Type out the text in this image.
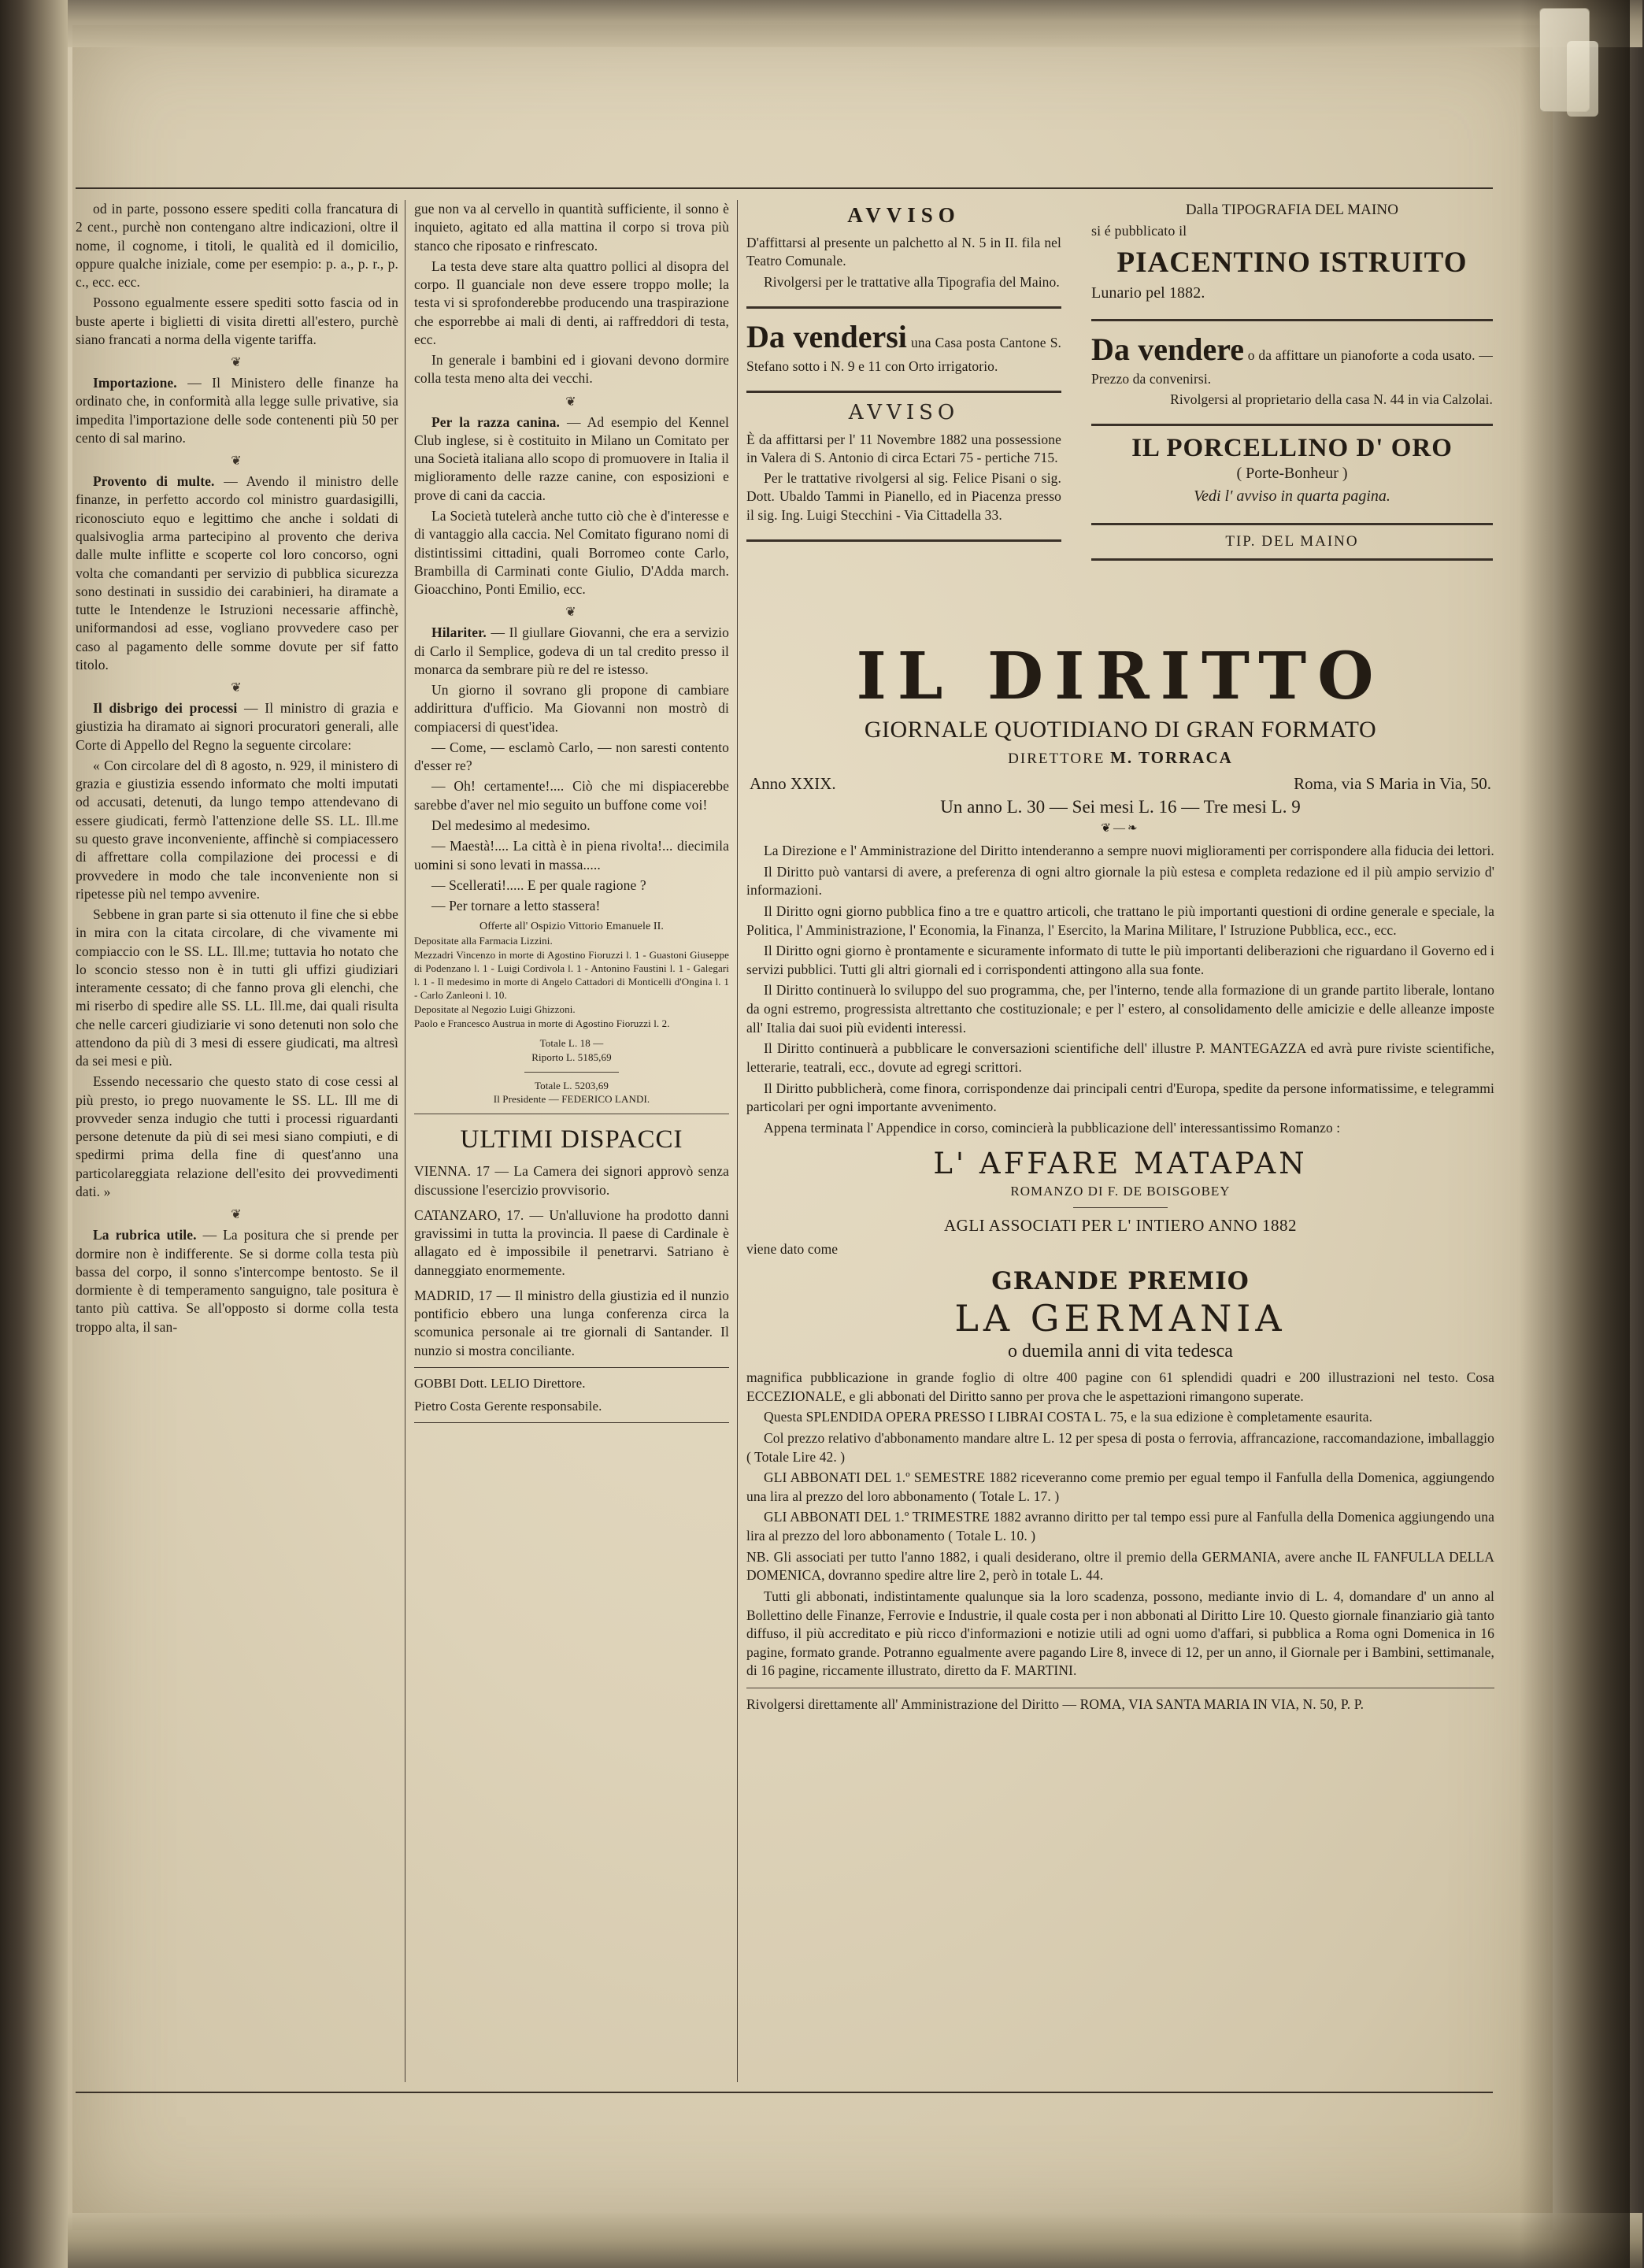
od in parte, possono essere spediti colla francatura di 2 cent., purchè non contengano altre indicazioni, oltre il nome, il cognome, i titoli, le qualità ed il domicilio, oppure qualche iniziale, come per esempio: p. a., p. r., p. c., ecc. ecc.

Possono egualmente essere spediti sotto fascia od in buste aperte i biglietti di visita diretti all'estero, purchè siano francati a norma della vigente tariffa.

❦

Importazione. — Il Ministero delle finanze ha ordinato che, in conformità alla legge sulle privative, sia impedita l'importazione delle sode contenenti più 50 per cento di sal marino.

❦

Provento di multe. — Avendo il ministro delle finanze, in perfetto accordo col ministro guardasigilli, riconosciuto equo e legittimo che anche i soldati di qualsivoglia arma partecipino al provento che deriva dalle multe inflitte e scoperte col loro concorso, ogni volta che comandanti per servizio di pubblica sicurezza sono destinati in sussidio dei carabinieri, ha diramate a tutte le Intendenze le Istruzioni necessarie affinchè, uniformandosi ad esse, vogliano provvedere caso per caso al pagamento delle somme dovute per sif fatto titolo.

❦

Il disbrigo dei processi — Il ministro di grazia e giustizia ha diramato ai signori procuratori generali, alle Corte di Appello del Regno la seguente circolare:

« Con circolare del dì 8 agosto, n. 929, il ministero di grazia e giustizia essendo informato che molti imputati od accusati, detenuti, da lungo tempo attendevano di essere giudicati, fermò l'attenzione delle SS. LL. Ill.me su questo grave inconveniente, affinchè si compiacessero di affrettare colla compilazione dei processi e di provvedere in modo che tale inconveniente non si ripetesse più nel tempo avvenire.

Sebbene in gran parte si sia ottenuto il fine che si ebbe in mira con la citata circolare, di che vivamente mi compiaccio con le SS. LL. Ill.me; tuttavia ho notato che lo sconcio stesso non è in tutti gli uffizi giudiziari interamente cessato; di che fanno prova gli elenchi, che mi riserbo di spedire alle SS. LL. Ill.me, dai quali risulta che nelle carceri giudiziarie vi sono detenuti non solo che attendono da più di 3 mesi di essere giudicati, ma altresì da sei mesi e più.

Essendo necessario che questo stato di cose cessi al più presto, io prego nuovamente le SS. LL. Ill me di provveder senza indugio che tutti i processi riguardanti persone detenute da più di sei mesi siano compiuti, e di spedirmi prima della fine di quest'anno una particolareggiata relazione dell'esito dei provvedimenti dati. »

❦

La rubrica utile. — La positura che si prende per dormire non è indifferente. Se si dorme colla testa più bassa del corpo, il sonno s'intercompe bentosto. Se il dormiente è di temperamento sanguigno, tale positura è tanto più cattiva. Se all'opposto si dorme colla testa troppo alta, il san-

gue non va al cervello in quantità sufficiente, il sonno è inquieto, agitato ed alla mattina il corpo si trova più stanco che riposato e rinfrescato.

La testa deve stare alta quattro pollici al disopra del corpo. Il guanciale non deve essere troppo molle; la testa vi si sprofonderebbe producendo una traspirazione che esporrebbe ai mali di denti, ai raffreddori di testa, ecc.

In generale i bambini ed i giovani devono dormire colla testa meno alta dei vecchi.

❦

Per la razza canina. — Ad esempio del Kennel Club inglese, si è costituito in Milano un Comitato per una Società italiana allo scopo di promuovere in Italia il miglioramento delle razze canine, con esposizioni e prove di cani da caccia.

La Società tutelerà anche tutto ciò che è d'interesse e di vantaggio alla caccia. Nel Comitato figurano nomi di distintissimi cittadini, quali Borromeo conte Carlo, Brambilla di Carminati conte Giulio, D'Adda march. Gioacchino, Ponti Emilio, ecc.

❦

Hilariter. — Il giullare Giovanni, che era a servizio di Carlo il Semplice, godeva di un tal credito presso il monarca da sembrare più re del re istesso.

Un giorno il sovrano gli propone di cambiare addirittura d'ufficio. Ma Giovanni non mostrò di compiacersi di quest'idea.

— Come, — esclamò Carlo, — non saresti contento d'esser re?

— Oh! certamente!.... Ciò che mi dispiacerebbe sarebbe d'aver nel mio seguito un buffone come voi!

Del medesimo al medesimo.

— Maestà!.... La città è in piena rivolta!... diecimila uomini si sono levati in massa.....

— Scellerati!..... E per quale ragione ?

— Per tornare a letto stassera!

Offerte all' Ospizio Vittorio Emanuele II.

Depositate alla Farmacia Lizzini.

Mezzadri Vincenzo in morte di Agostino Fioruzzi l. 1 - Guastoni Giuseppe di Podenzano l. 1 - Luigi Cordivola l. 1 - Antonino Faustini l. 1 - Galegari l. 1 - Il medesimo in morte di Angelo Cattadori di Monticelli d'Ongina l. 1 - Carlo Zanleoni l. 10.

Depositate al Negozio Luigi Ghizzoni.

Paolo e Francesco Austrua in morte di Agostino Fioruzzi l. 2.

Totale L. 18 —

Riporto L. 5185,69

Totale L. 5203,69

Il Presidente — FEDERICO LANDI.

ULTIMI DISPACCI

VIENNA. 17 — La Camera dei signori approvò senza discussione l'esercizio provvisorio.

CATANZARO, 17. — Un'alluvione ha prodotto danni gravissimi in tutta la provincia. Il paese di Cardinale è allagato ed è impossibile il penetrarvi. Satriano è danneggiato enormemente.

MADRID, 17 — Il ministro della giustizia ed il nunzio pontificio ebbero una lunga conferenza circa la scomunica personale ai tre giornali di Santander. Il nunzio si mostra conciliante.

GOBBI Dott. LELIO Direttore.

Pietro Costa Gerente responsabile.

AVVISO

D'affittarsi al presente un palchetto al N. 5 in II. fila nel Teatro Comunale.

Rivolgersi per le trattative alla Tipografia del Maino.

Da vendersi una Casa posta Cantone S. Stefano sotto i N. 9 e 11 con Orto irrigatorio.

AVVISO

È da affittarsi per l' 11 Novembre 1882 una possessione in Valera di S. Antonio di circa Ectari 75 - pertiche 715.

Per le trattative rivolgersi al sig. Felice Pisani o sig. Dott. Ubaldo Tammi in Pianello, ed in Piacenza presso il sig. Ing. Luigi Stecchini - Via Cittadella 33.

Dalla TIPOGRAFIA DEL MAINO

si é pubblicato il

PIACENTINO ISTRUITO

Lunario pel 1882.

Da vendere o da affittare un pianoforte a coda usato. — Prezzo da convenirsi.

Rivolgersi al proprietario della casa N. 44 in via Calzolai.

IL PORCELLINO D' ORO
( Porte-Bonheur )
Vedi l' avviso in quarta pagina.
TIP. DEL MAINO
IL DIRITTO
GIORNALE QUOTIDIANO DI GRAN FORMATO
DIRETTORE M. TORRACA
Anno XXIX.	Roma, via S Maria in Via, 50.
Un anno L. 30 — Sei mesi L. 16 — Tre mesi L. 9
❦—❧

La Direzione e l' Amministrazione del Diritto intenderanno a sempre nuovi miglioramenti per corrispondere alla fiducia dei lettori.

Il Diritto può vantarsi di avere, a preferenza di ogni altro giornale la più estesa e completa redazione ed il più ampio servizio d' informazioni.

Il Diritto ogni giorno pubblica fino a tre e quattro articoli, che trattano le più importanti questioni di ordine generale e speciale, la Politica, l' Amministrazione, l' Economia, la Finanza, l' Esercito, la Marina Militare, l' Istruzione Pubblica, ecc., ecc.

Il Diritto ogni giorno è prontamente e sicuramente informato di tutte le più importanti deliberazioni che riguardano il Governo ed i servizi pubblici. Tutti gli altri giornali ed i corrispondenti attingono alla sua fonte.

Il Diritto continuerà lo sviluppo del suo programma, che, per l'interno, tende alla formazione di un grande partito liberale, lontano da ogni estremo, progressista altrettanto che costituzionale; e per l' estero, al consolidamento delle amicizie e delle alleanze imposte all' Italia dai suoi più evidenti interessi.

Il Diritto continuerà a pubblicare le conversazioni scientifiche dell' illustre P. MANTEGAZZA ed avrà pure riviste scientifiche, letterarie, teatrali, ecc., dovute ad egregi scrittori.

Il Diritto pubblicherà, come finora, corrispondenze dai principali centri d'Europa, spedite da persone informatissime, e telegrammi particolari per ogni importante avvenimento.

Appena terminata l' Appendice in corso, comincierà la pubblicazione dell' interessantissimo Romanzo :

L' AFFARE MATAPAN
ROMANZO DI F. DE BOISGOBEY
AGLI ASSOCIATI PER L' INTIERO ANNO 1882

viene dato come

GRANDE PREMIO
LA GERMANIA
o duemila anni di vita tedesca

magnifica pubblicazione in grande foglio di oltre 400 pagine con 61 splendidi quadri e 200 illustrazioni nel testo. Cosa ECCEZIONALE, e gli abbonati del Diritto sanno per prova che le aspettazioni rimangono superate.

Questa SPLENDIDA OPERA PRESSO I LIBRAI COSTA L. 75, e la sua edizione è completamente esaurita.

Col prezzo relativo d'abbonamento mandare altre L. 12 per spesa di posta o ferrovia, affrancazione, raccomandazione, imballaggio ( Totale Lire 42. )

GLI ABBONATI DEL 1.º SEMESTRE 1882 riceveranno come premio per egual tempo il Fanfulla della Domenica, aggiungendo una lira al prezzo del loro abbonamento ( Totale L. 17. )

GLI ABBONATI DEL 1.º TRIMESTRE 1882 avranno diritto per tal tempo essi pure al Fanfulla della Domenica aggiungendo una lira al prezzo del loro abbonamento ( Totale L. 10. )

NB. Gli associati per tutto l'anno 1882, i quali desiderano, oltre il premio della GERMANIA, avere anche IL FANFULLA DELLA DOMENICA, dovranno spedire altre lire 2, però in totale L. 44.

Tutti gli abbonati, indistintamente qualunque sia la loro scadenza, possono, mediante invio di L. 4, domandare d' un anno al Bollettino delle Finanze, Ferrovie e Industrie, il quale costa per i non abbonati al Diritto Lire 10. Questo giornale finanziario già tanto diffuso, il più accreditato e più ricco d'informazioni e notizie utili ad ogni uomo d'affari, si pubblica a Roma ogni Domenica in 16 pagine, formato grande. Potranno egualmente avere pagando Lire 8, invece di 12, per un anno, il Giornale per i Bambini, settimanale, di 16 pagine, riccamente illustrato, diretto da F. MARTINI.

Rivolgersi direttamente all' Amministrazione del Diritto — ROMA, VIA SANTA MARIA IN VIA, N. 50, P. P.
